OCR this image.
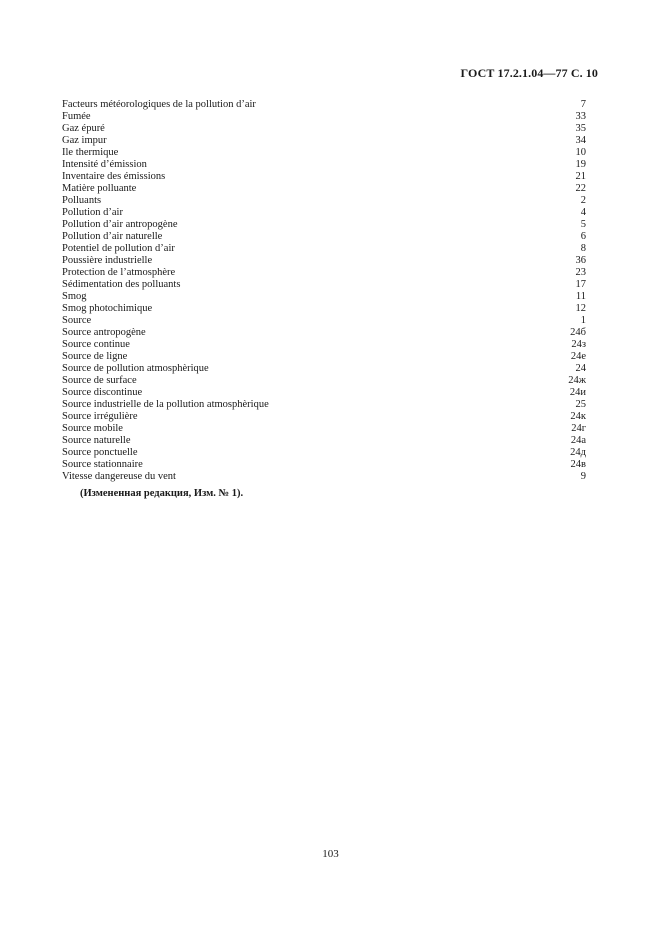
ГОСТ 17.2.1.04—77 С. 10
Facteurs météorologiques de la pollution d’air	7
Fumée	33
Gaz épuré	35
Gaz impur	34
Ile thermique	10
Intensité d’émission	19
Inventaire des émissions	21
Matière polluante	22
Polluants	2
Pollution d’air	4
Pollution d’air antropogène	5
Pollution d’air naturelle	6
Potentiel de pollution d’air	8
Poussière industrielle	36
Protection de l’atmosphère	23
Sédimentation des polluants	17
Smog	11
Smog photochimique	12
Source	1
Source antropogène	24б
Source continue	24з
Source de ligne	24е
Source de pollution atmosphèrique	24
Source de surface	24ж
Source discontinue	24и
Source industrielle de la pollution atmosphèrique	25
Source irrégulière	24к
Source mobile	24г
Source naturelle	24а
Source ponctuelle	24д
Source stationnaire	24в
Vitesse dangereuse du vent	9
(Измененная редакция, Изм. № 1).
103
